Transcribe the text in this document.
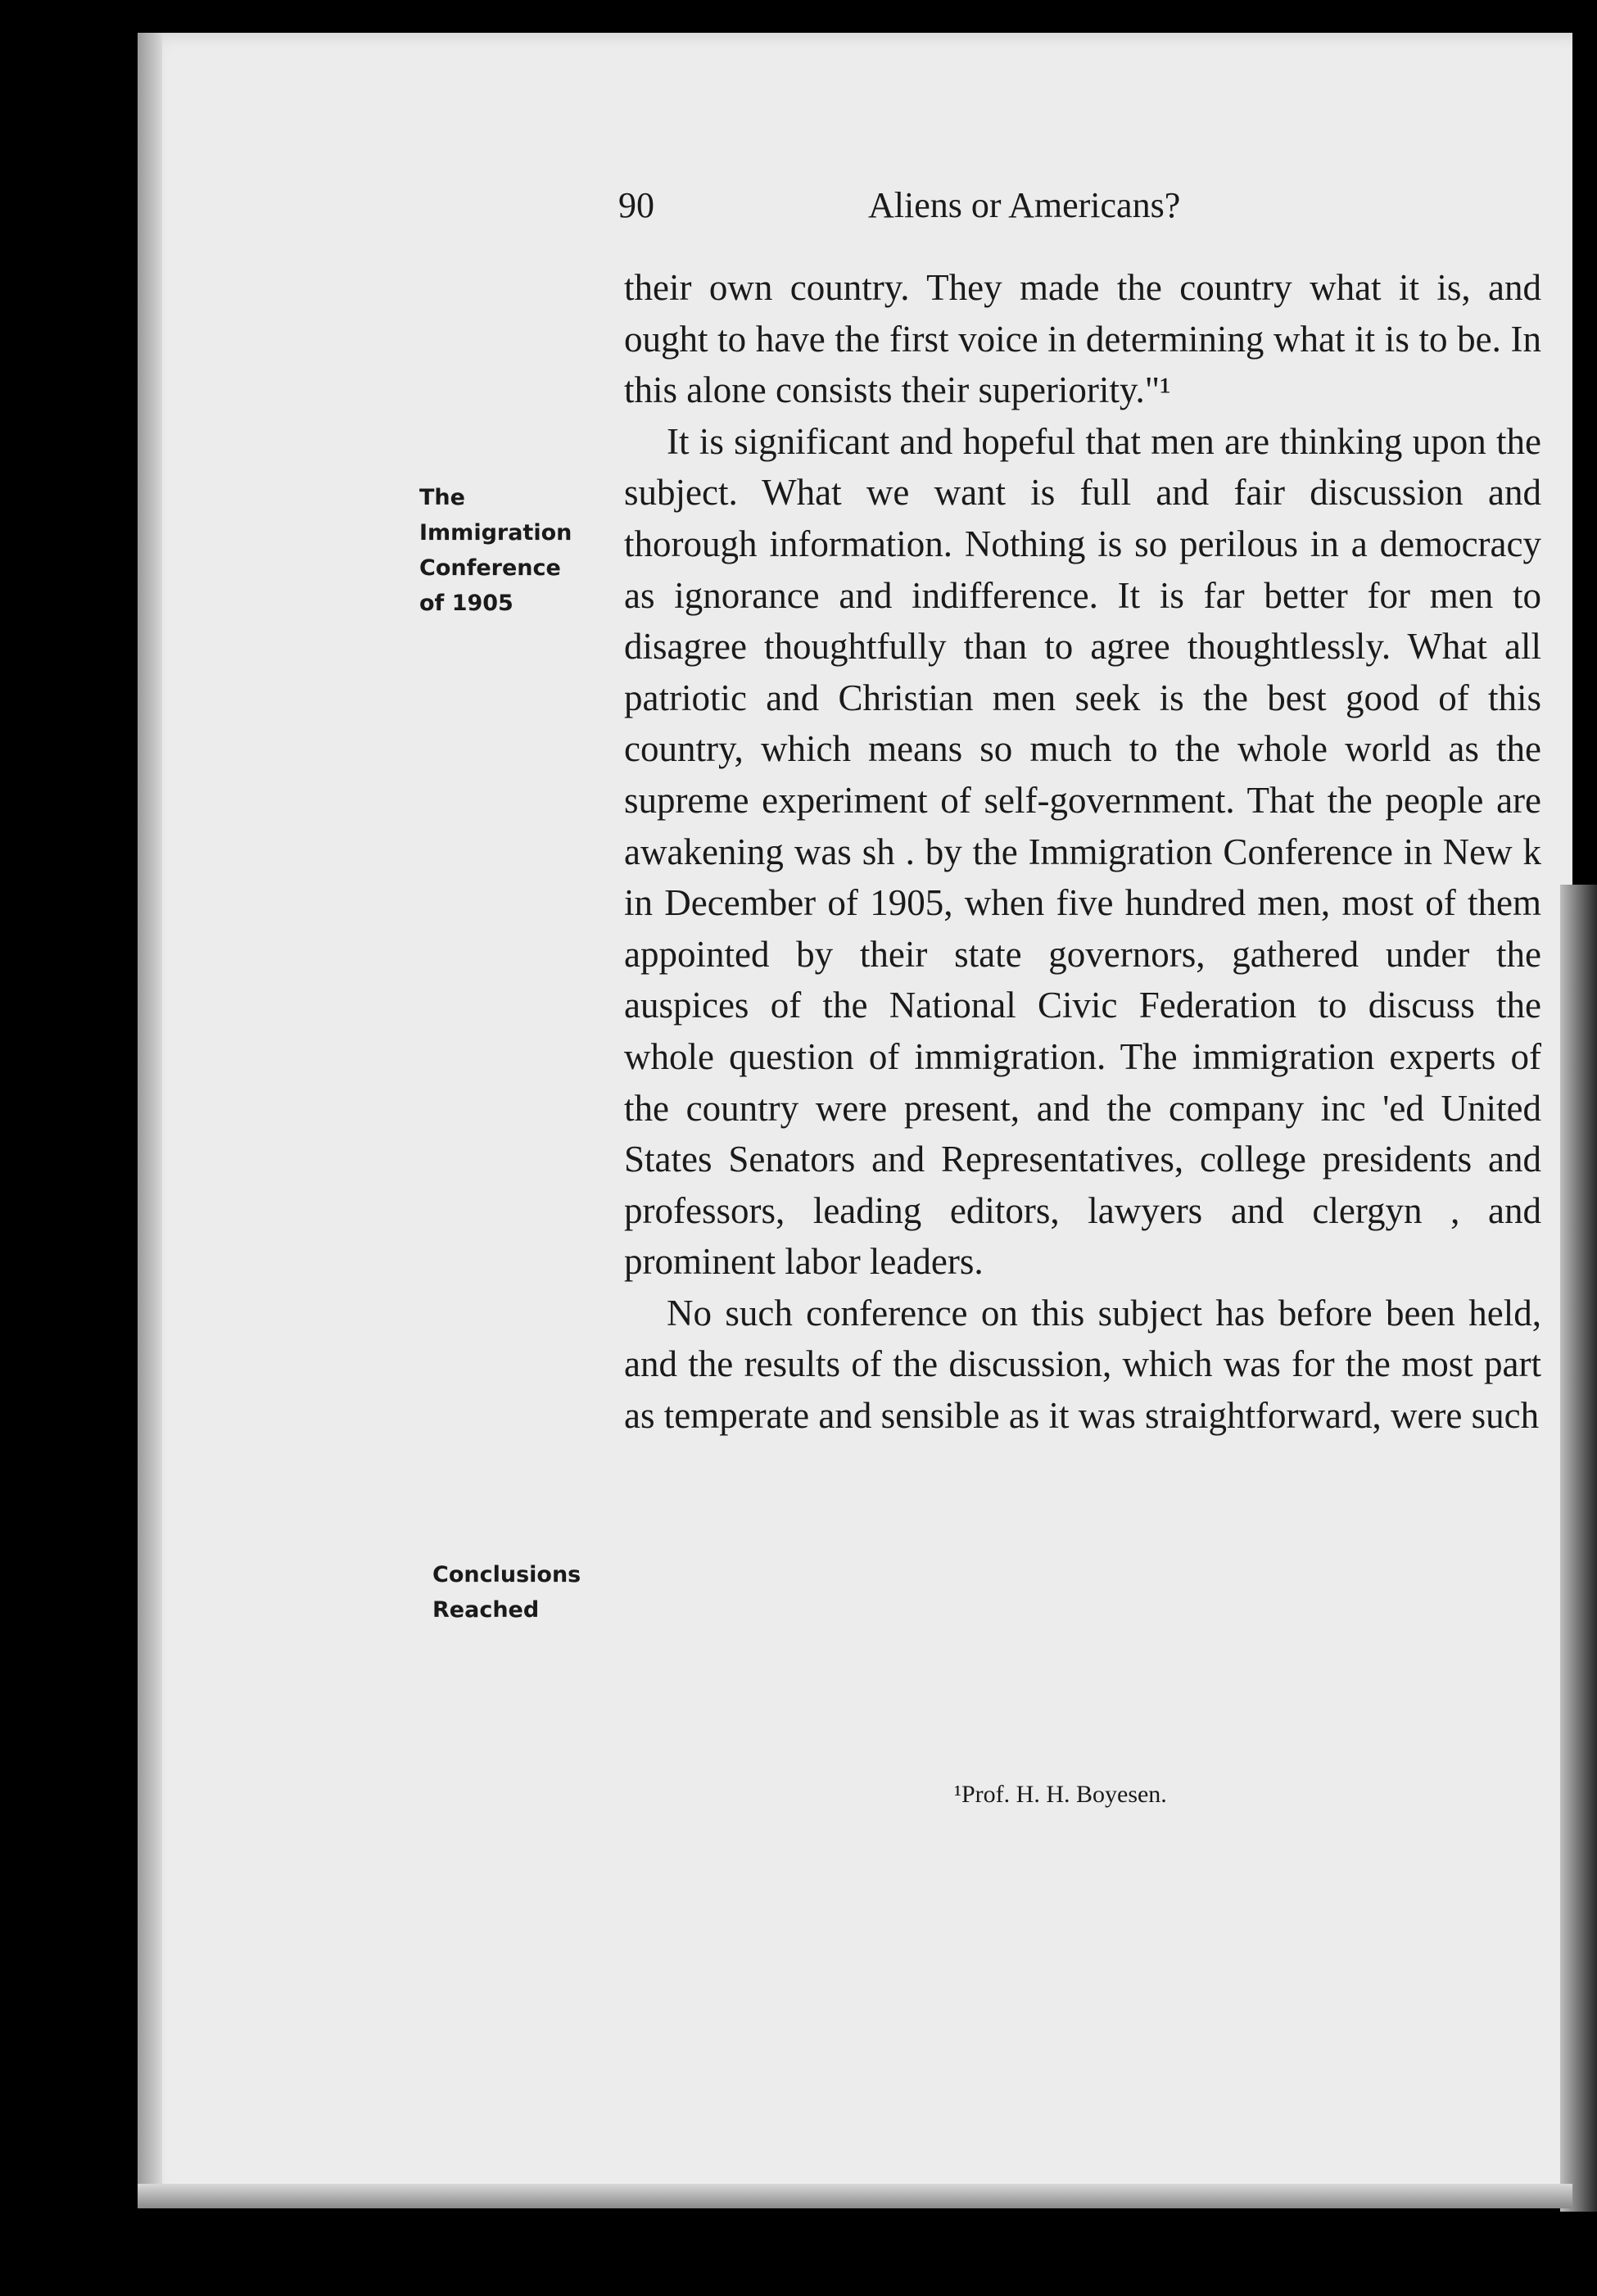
90	Aliens or Americans?
The
Immigration
Conference
of 1905
Conclusions
Reached

their own country. They made the country what it is, and ought to have the first voice in determining what it is to be. In this alone consists their superiority."¹

It is significant and hopeful that men are thinking upon the subject. What we want is full and fair discussion and thorough information. Nothing is so perilous in a democracy as ignorance and indifference. It is far better for men to disagree thoughtfully than to agree thoughtlessly. What all patriotic and Christian men seek is the best good of this country, which means so much to the whole world as the supreme experiment of self-government. That the people are awakening was sh . by the Immigration Conference in New k in December of 1905, when five hundred men, most of them appointed by their state governors, gathered under the auspices of the National Civic Federation to discuss the whole question of immigration. The immigration experts of the country were present, and the company inc 'ed United States Senators and Representatives, college presidents and professors, leading editors, lawyers and clergyn , and prominent labor leaders.

No such conference on this subject has before been held, and the results of the discussion, which was for the most part as temperate and sensible as it was straightforward, were such

¹Prof. H. H. Boyesen.
